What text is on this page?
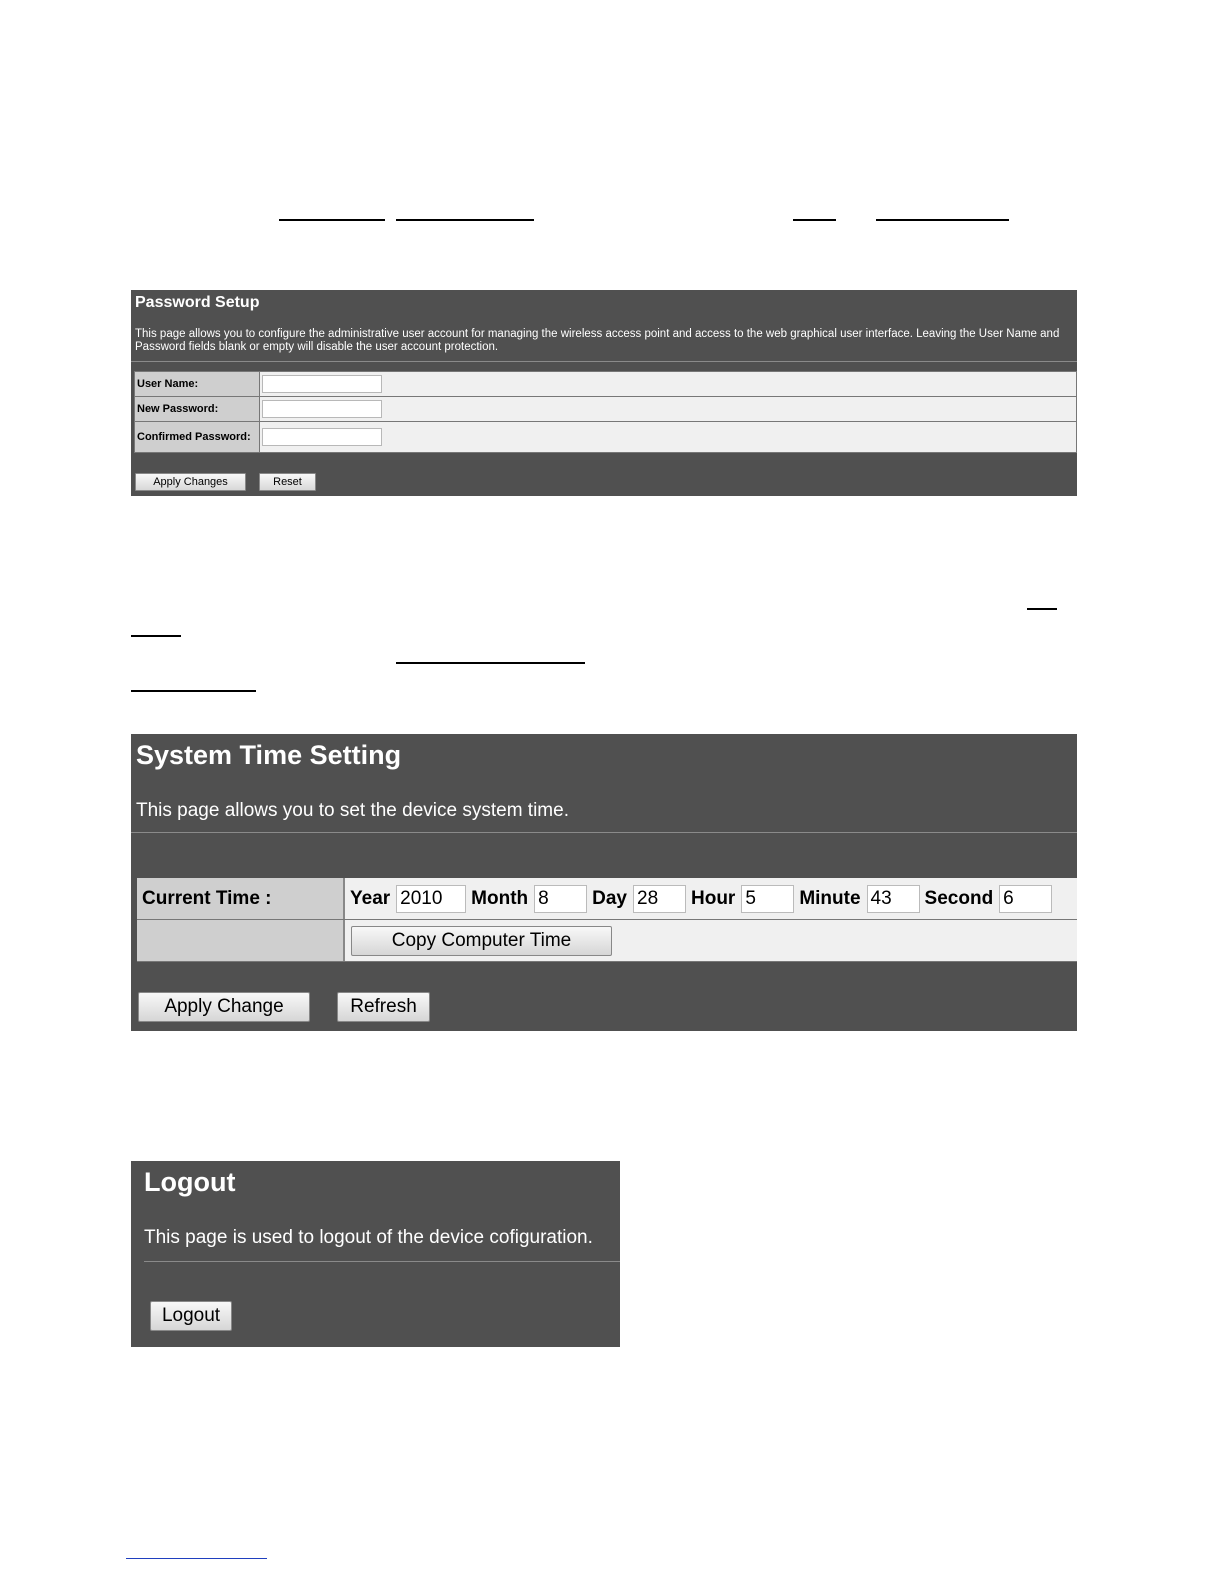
Password Setup
This page allows you to configure the administrative user account for managing the wireless access point and access to the web graphical user interface. Leaving the User Name and Password fields blank or empty will disable the user account protection.
User Name:	
New Password:	
Confirmed Password:	
Apply Changes	Reset
System Time Setting
This page allows you to set the device system time.
Current Time :	Year 2010	Month 8	Day 28	Hour 5	Minute 43	Second 6
Copy Computer Time
Apply Change	Refresh
Logout
This page is used to logout of the device cofiguration.
Logout
